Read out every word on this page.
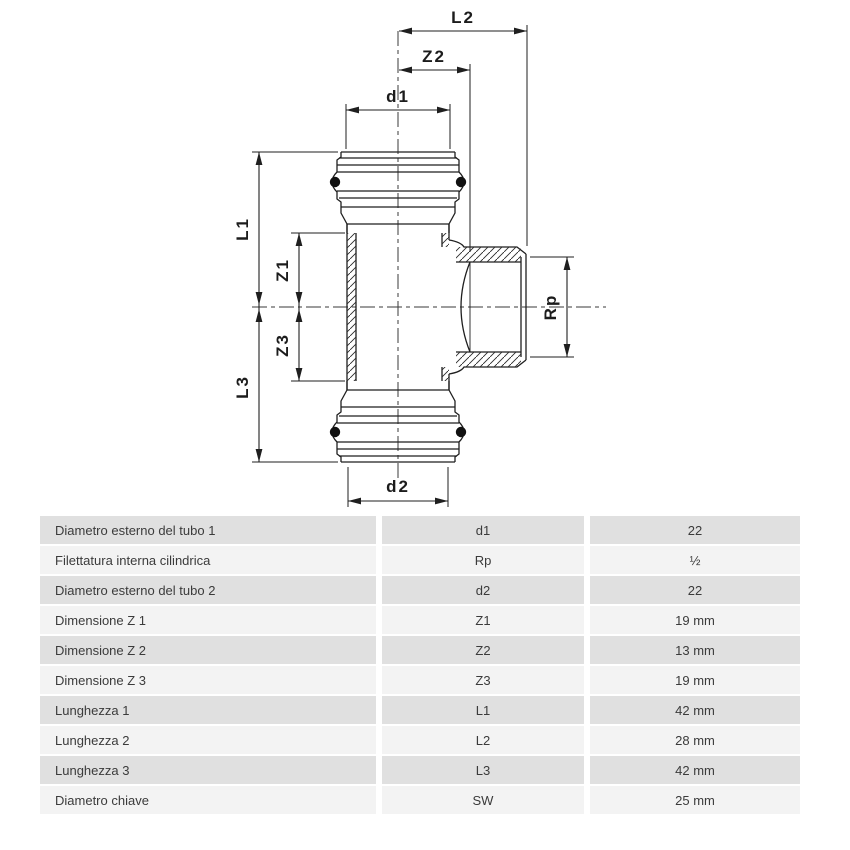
L2
Z2
d1
L1
L3
Z1
Z3
d2
Rp
Diametro esterno del tubo 1	d1	22
Filettatura interna cilindrica	Rp	½
Diametro esterno del tubo 2	d2	22
Dimensione Z 1	Z1	19 mm
Dimensione Z 2	Z2	13 mm
Dimensione Z 3	Z3	19 mm
Lunghezza 1	L1	42 mm
Lunghezza 2	L2	28 mm
Lunghezza 3	L3	42 mm
Diametro chiave	SW	25 mm
